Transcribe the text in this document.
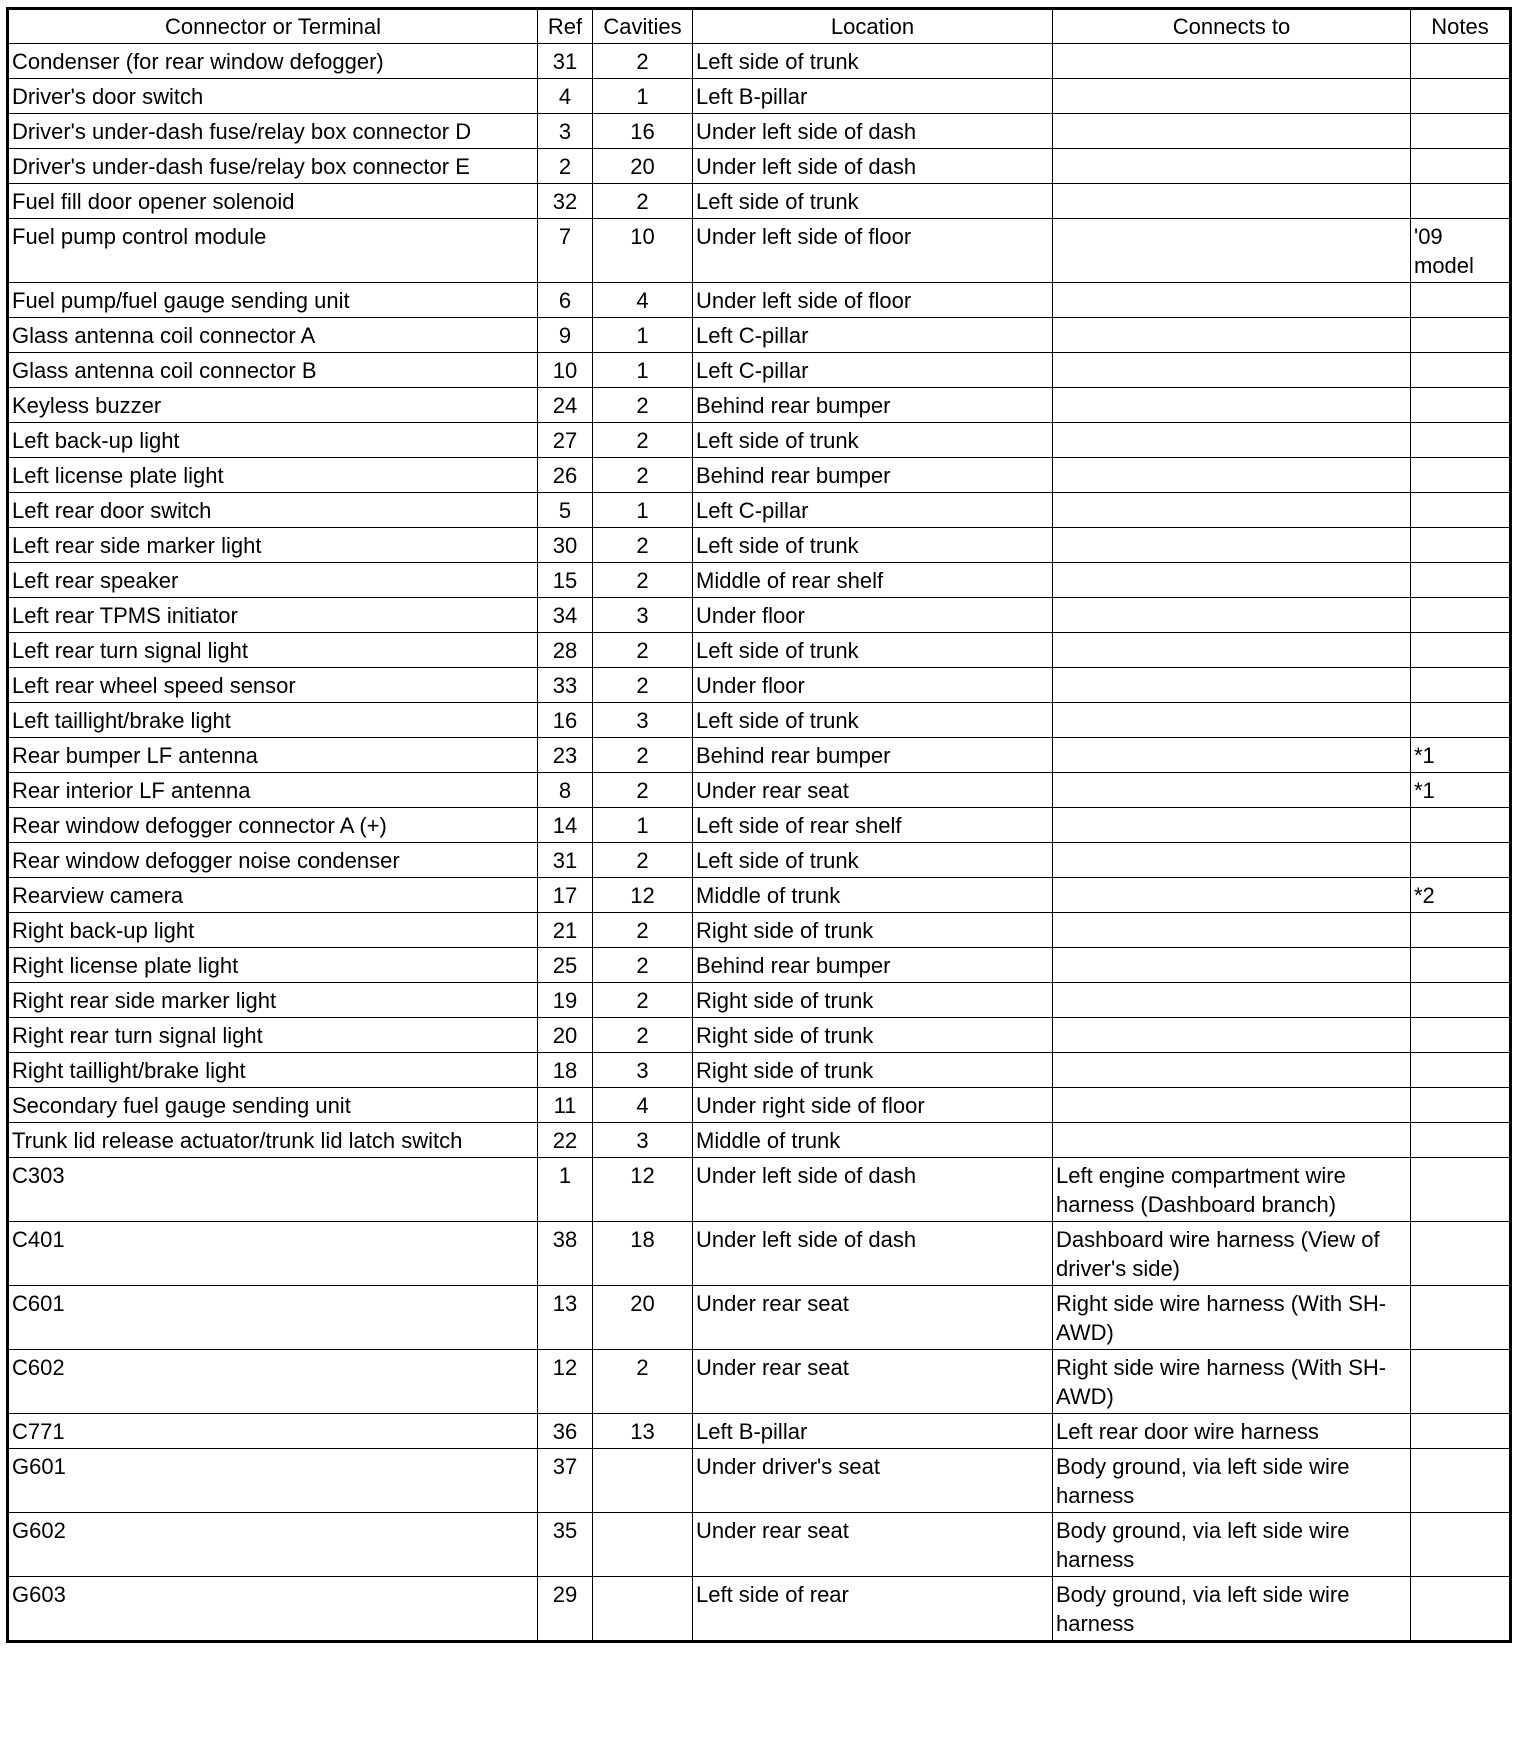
Connector or Terminal	Ref	Cavities	Location	Connects to	Notes
Condenser (for rear window defogger)	31	2	Left side of trunk		
Driver's door switch	4	1	Left B-pillar		
Driver's under-dash fuse/relay box connector D	3	16	Under left side of dash		
Driver's under-dash fuse/relay box connector E	2	20	Under left side of dash		
Fuel fill door opener solenoid	32	2	Left side of trunk		
Fuel pump control module	7	10	Under left side of floor		'09 model
Fuel pump/fuel gauge sending unit	6	4	Under left side of floor		
Glass antenna coil connector A	9	1	Left C-pillar		
Glass antenna coil connector B	10	1	Left C-pillar		
Keyless buzzer	24	2	Behind rear bumper		
Left back-up light	27	2	Left side of trunk		
Left license plate light	26	2	Behind rear bumper		
Left rear door switch	5	1	Left C-pillar		
Left rear side marker light	30	2	Left side of trunk		
Left rear speaker	15	2	Middle of rear shelf		
Left rear TPMS initiator	34	3	Under floor		
Left rear turn signal light	28	2	Left side of trunk		
Left rear wheel speed sensor	33	2	Under floor		
Left taillight/brake light	16	3	Left side of trunk		
Rear bumper LF antenna	23	2	Behind rear bumper		*1
Rear interior LF antenna	8	2	Under rear seat		*1
Rear window defogger connector A (+)	14	1	Left side of rear shelf		
Rear window defogger noise condenser	31	2	Left side of trunk		
Rearview camera	17	12	Middle of trunk		*2
Right back-up light	21	2	Right side of trunk		
Right license plate light	25	2	Behind rear bumper		
Right rear side marker light	19	2	Right side of trunk		
Right rear turn signal light	20	2	Right side of trunk		
Right taillight/brake light	18	3	Right side of trunk		
Secondary fuel gauge sending unit	11	4	Under right side of floor		
Trunk lid release actuator/trunk lid latch switch	22	3	Middle of trunk		
C303	1	12	Under left side of dash	Left engine compartment wire harness (Dashboard branch)	
C401	38	18	Under left side of dash	Dashboard wire harness (View of driver's side)	
C601	13	20	Under rear seat	Right side wire harness (With SH-AWD)	
C602	12	2	Under rear seat	Right side wire harness (With SH-AWD)	
C771	36	13	Left B-pillar	Left rear door wire harness	
G601	37		Under driver's seat	Body ground, via left side wire harness	
G602	35		Under rear seat	Body ground, via left side wire harness	
G603	29		Left side of rear	Body ground, via left side wire harness	
